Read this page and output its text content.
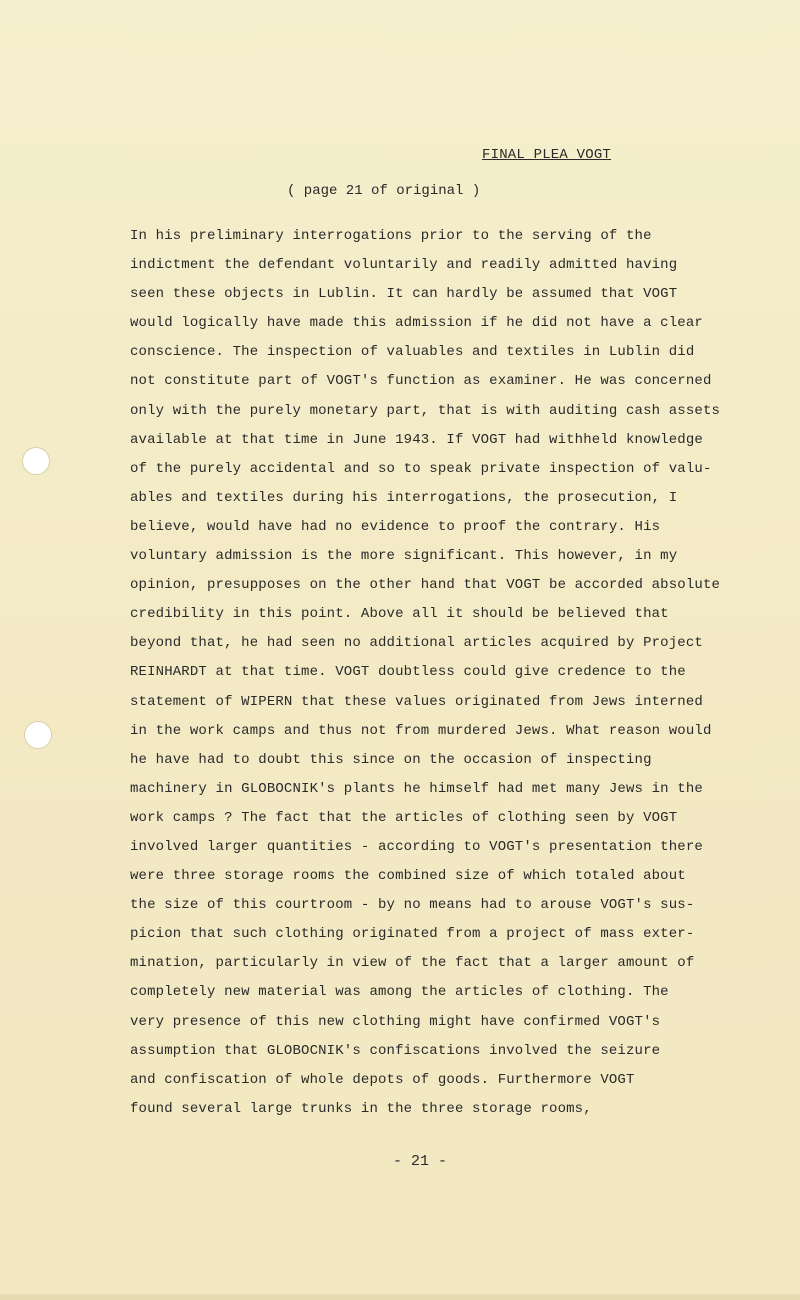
FINAL PLEA VOGT
( page 21 of original )
In his preliminary interrogations prior to the serving of the
indictment the defendant voluntarily and readily admitted having
seen these objects in Lublin. It can hardly be assumed that VOGT
would logically have made this admission if he did not have a clear
conscience. The inspection of valuables and textiles in Lublin did
not constitute part of VOGT's function as examiner. He was concerned
only with the purely monetary part, that is with auditing cash assets
available at that time in June 1943. If VOGT had withheld knowledge
of the purely accidental and so to speak private inspection of valu-
ables and textiles during his interrogations, the prosecution, I
believe, would have had no evidence to proof the contrary. His
voluntary admission is the more significant. This however, in my
opinion, presupposes on the other hand that VOGT be accorded absolute
credibility in this point. Above all it should be believed that
beyond that, he had seen no additional articles acquired by Project
REINHARDT at that time. VOGT doubtless could give credence to the
statement of WIPERN that these values originated from Jews interned
in the work camps and thus not from murdered Jews. What reason would
he have had to doubt this since on the occasion of inspecting
machinery in GLOBOCNIK's plants he himself had met many Jews in the
work camps ? The fact that the articles of clothing seen by VOGT
involved larger quantities - according to VOGT's presentation there
were three storage rooms the combined size of which totaled about
the size of this courtroom - by no means had to arouse VOGT's sus-
picion that such clothing originated from a project of mass exter-
mination, particularly in view of the fact that a larger amount of
completely new material was among the articles of clothing. The
very presence of this new clothing might have confirmed VOGT's
assumption that GLOBOCNIK's confiscations involved the seizure
and confiscation of whole depots of goods. Furthermore VOGT
found several large trunks in the three storage rooms,
- 21 -
